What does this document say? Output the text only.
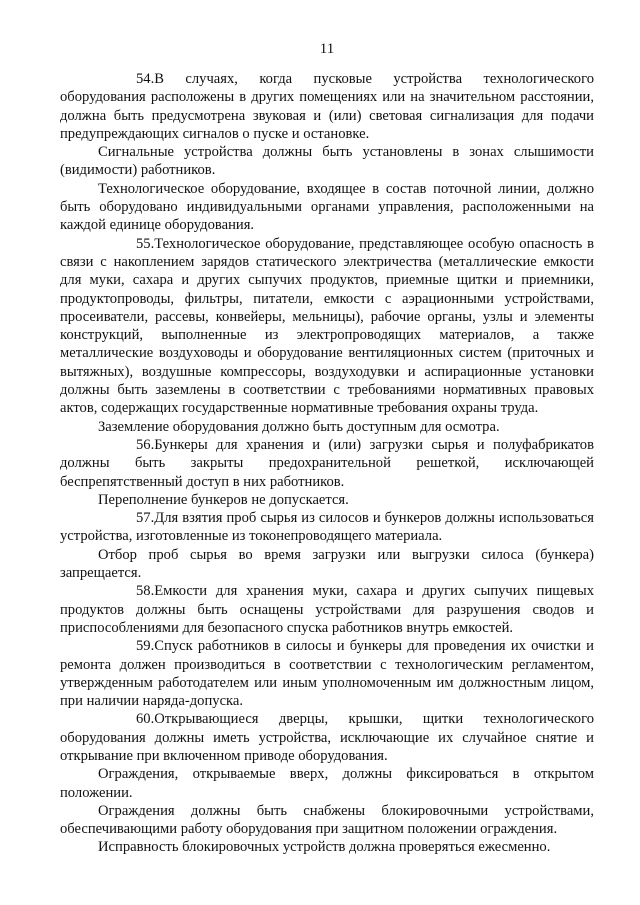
11

54.В случаях, когда пусковые устройства технологического оборудования расположены в других помещениях или на значительном расстоянии, должна быть предусмотрена звуковая и (или) световая сигнализация для подачи предупреждающих сигналов о пуске и остановке.

Сигнальные устройства должны быть установлены в зонах слышимости (видимости) работников.

Технологическое оборудование, входящее в состав поточной линии, должно быть оборудовано индивидуальными органами управления, расположенными на каждой единице оборудования.

55.Технологическое оборудование, представляющее особую опасность в связи с накоплением зарядов статического электричества (металлические емкости для муки, сахара и других сыпучих продуктов, приемные щитки и приемники, продуктопроводы, фильтры, питатели, емкости с аэрационными устройствами, просеиватели, рассевы, конвейеры, мельницы), рабочие органы, узлы и элементы конструкций, выполненные из электропроводящих материалов, а также металлические воздуховоды и оборудование вентиляционных систем (приточных и вытяжных), воздушные компрессоры, воздуходувки и аспирационные установки должны быть заземлены в соответствии с требованиями нормативных правовых актов, содержащих государственные нормативные требования охраны труда.

Заземление оборудования должно быть доступным для осмотра.

56.Бункеры для хранения и (или) загрузки сырья и полуфабрикатов должны быть закрыты предохранительной решеткой, исключающей беспрепятственный доступ в них работников.

Переполнение бункеров не допускается.

57.Для взятия проб сырья из силосов и бункеров должны использоваться устройства, изготовленные из токонепроводящего материала.

Отбор проб сырья во время загрузки или выгрузки силоса (бункера) запрещается.

58.Емкости для хранения муки, сахара и других сыпучих пищевых продуктов должны быть оснащены устройствами для разрушения сводов и приспособлениями для безопасного спуска работников внутрь емкостей.

59.Спуск работников в силосы и бункеры для проведения их очистки и ремонта должен производиться в соответствии с технологическим регламентом, утвержденным работодателем или иным уполномоченным им должностным лицом, при наличии наряда-допуска.

60.Открывающиеся дверцы, крышки, щитки технологического оборудования должны иметь устройства, исключающие их случайное снятие и открывание при включенном приводе оборудования.

Ограждения, открываемые вверх, должны фиксироваться в открытом положении.

Ограждения должны быть снабжены блокировочными устройствами, обеспечивающими работу оборудования при защитном положении ограждения.

Исправность блокировочных устройств должна проверяться ежесменно.
